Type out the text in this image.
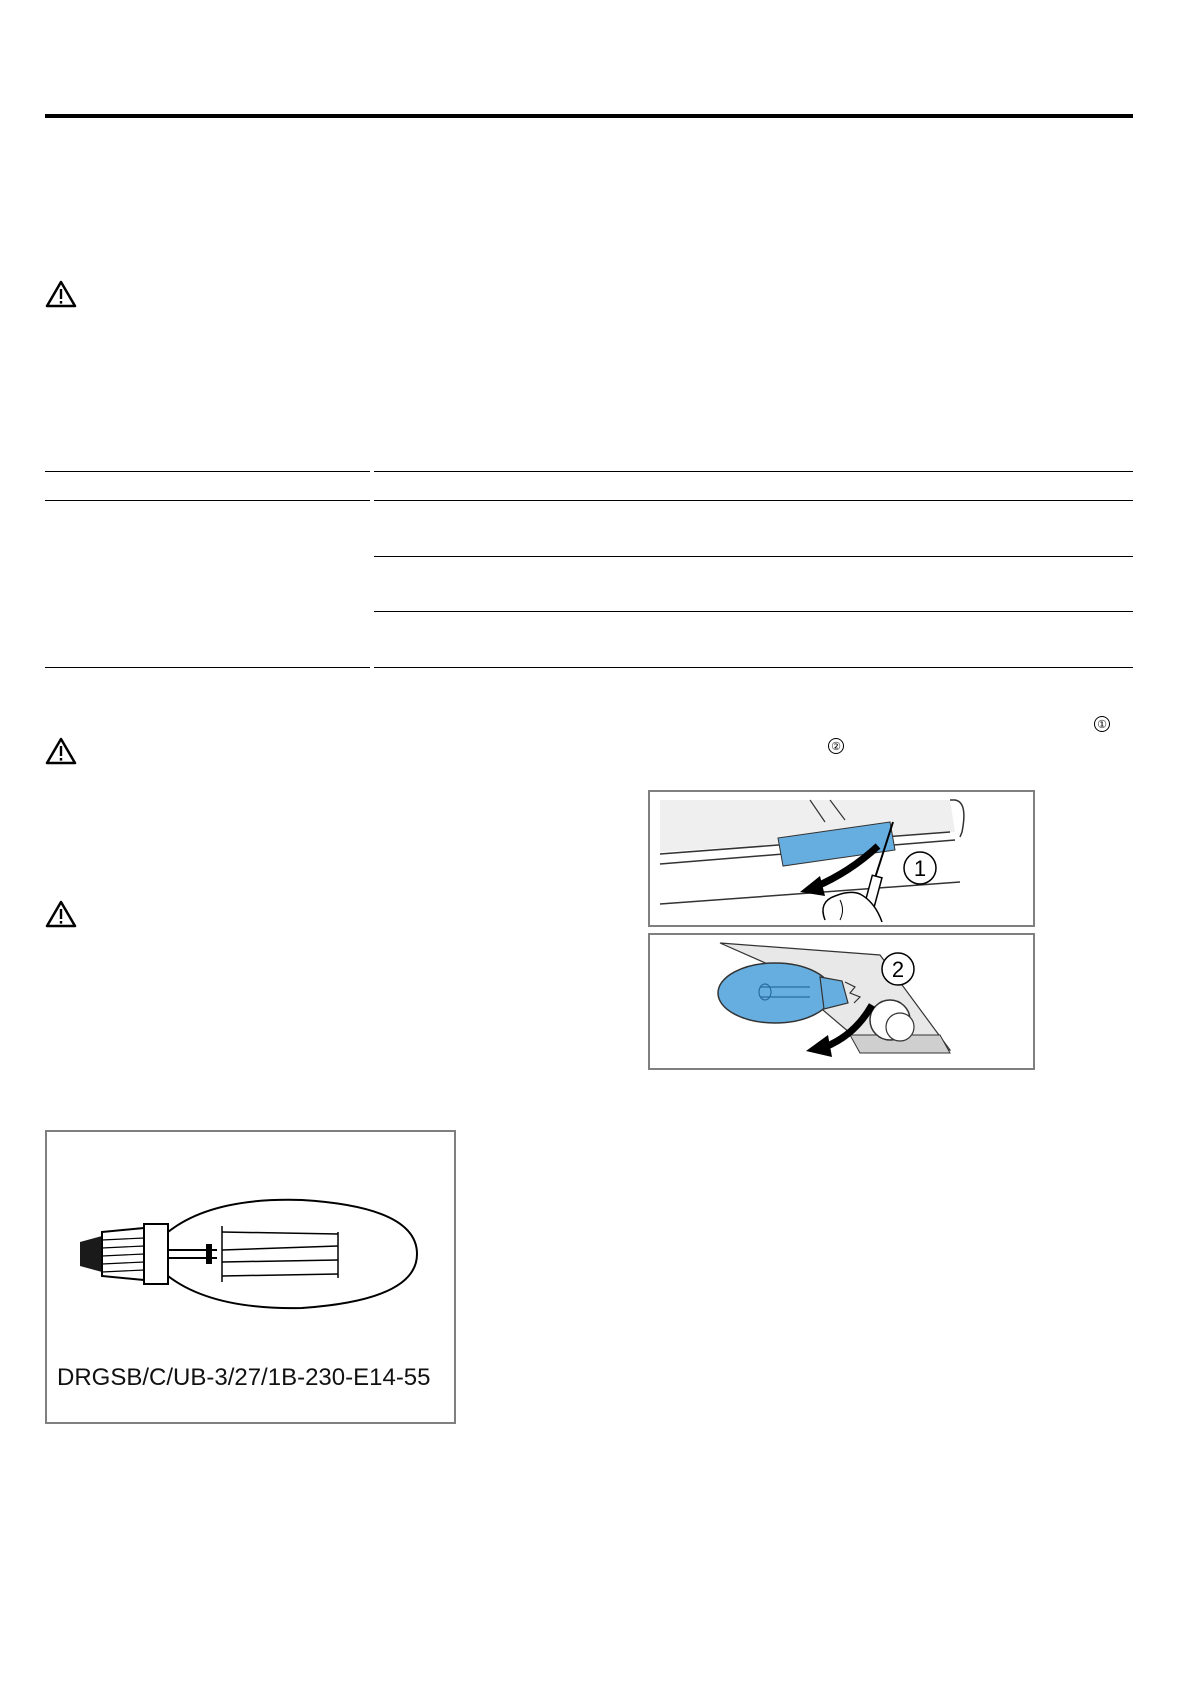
①
②
1
2
DRGSB/C/UB-3/27/1B-230-E14-55
